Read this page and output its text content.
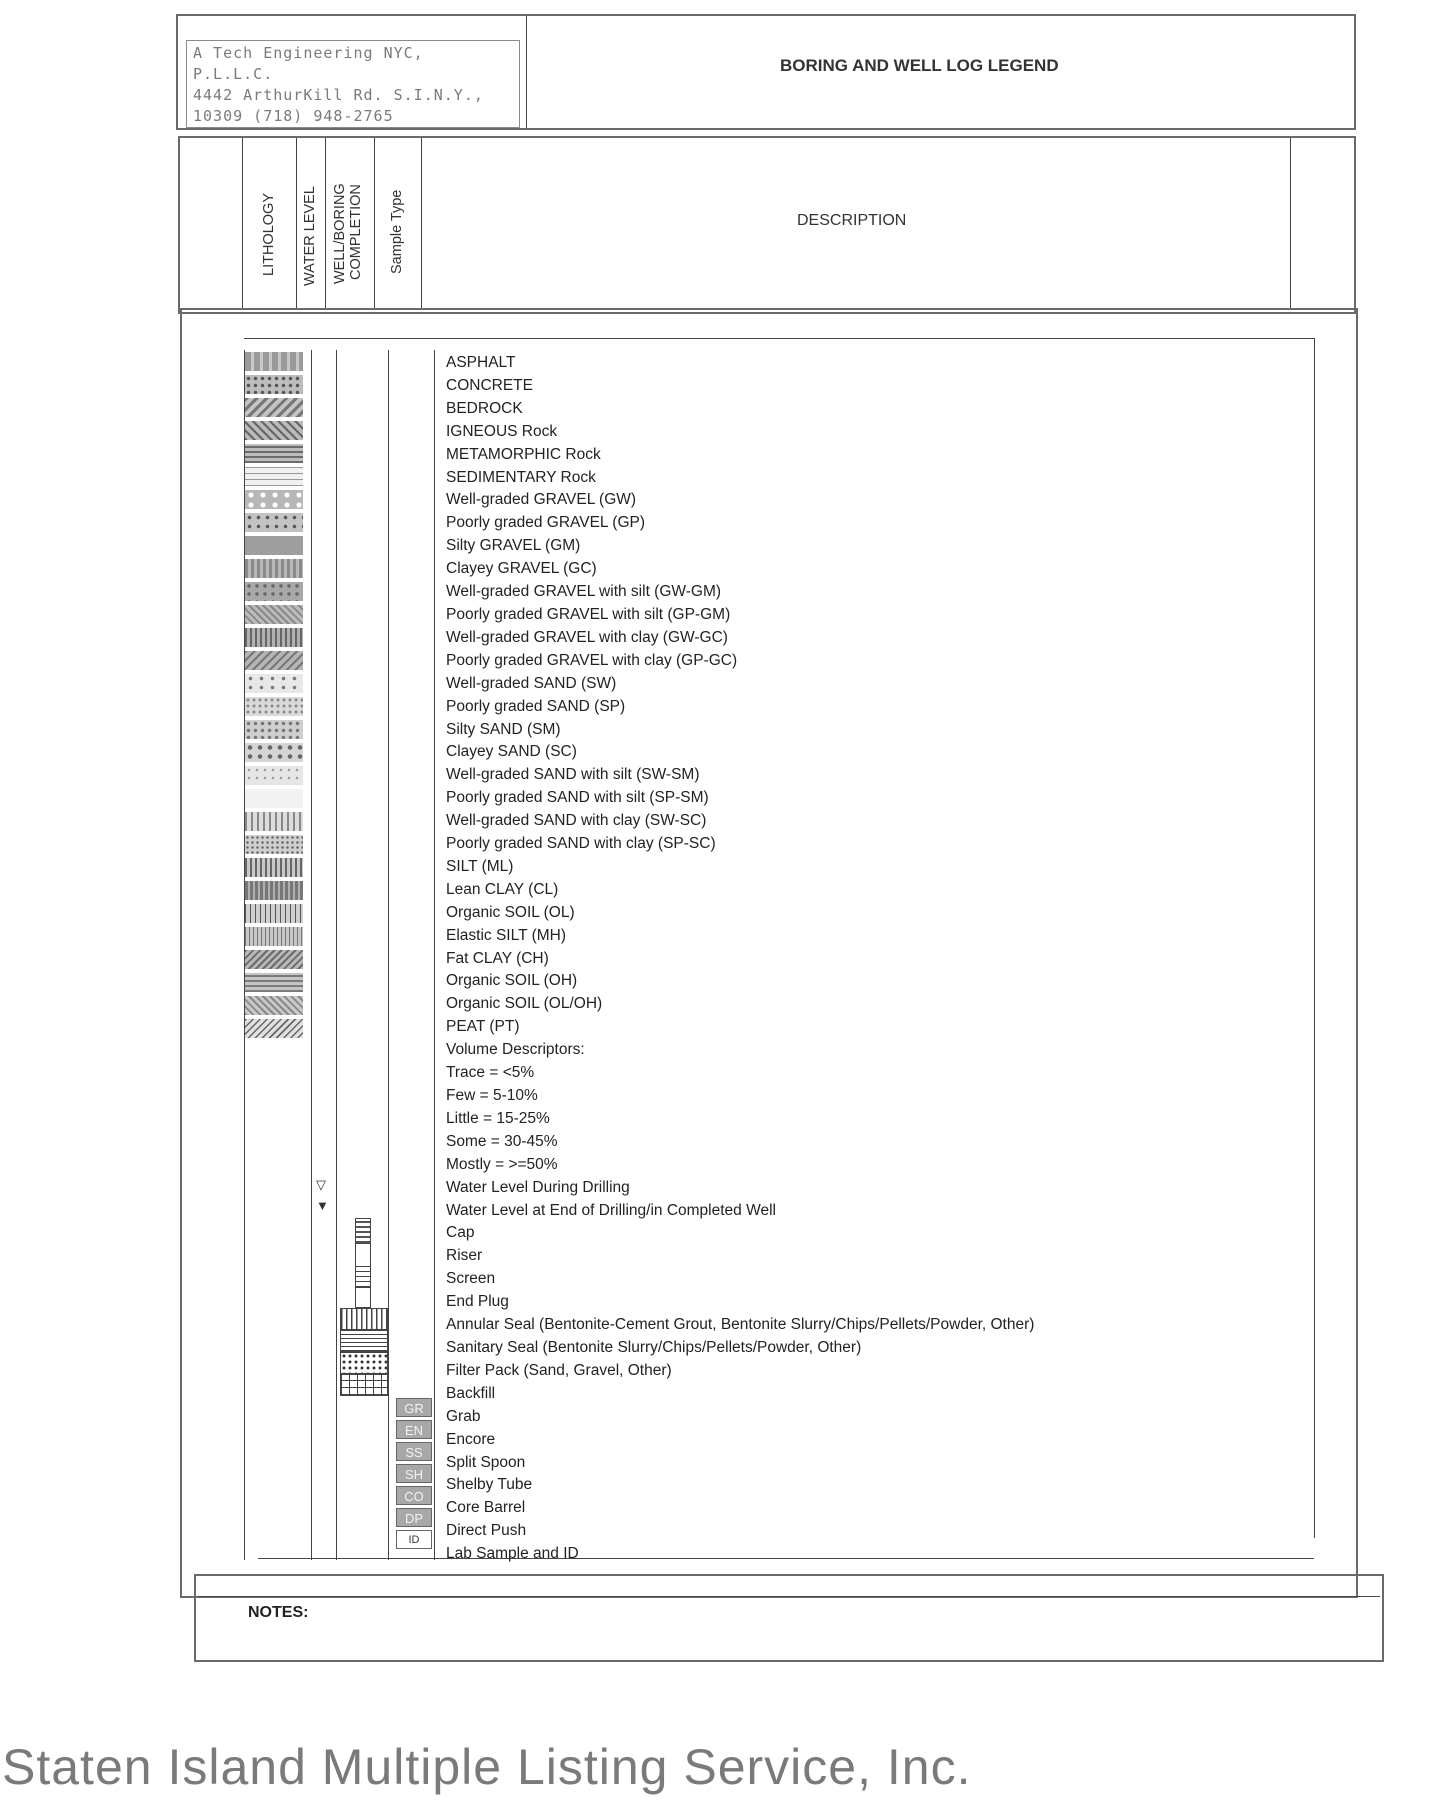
A Tech Engineering NYC, P.L.L.C.
4442 ArthurKill Rd. S.I.N.Y.,
10309 (718) 948-2765
BORING AND WELL LOG LEGEND
LITHOLOGY WATER LEVEL WELL/BORING COMPLETION Sample Type	DESCRIPTION
▽
▼
GR
EN
SS
SH
CO
DP
ID
ASPHALT
CONCRETE
BEDROCK
IGNEOUS Rock
METAMORPHIC Rock
SEDIMENTARY Rock
Well-graded GRAVEL (GW)
Poorly graded GRAVEL (GP)
Silty GRAVEL (GM)
Clayey GRAVEL (GC)
Well-graded GRAVEL with silt (GW-GM)
Poorly graded GRAVEL with silt (GP-GM)
Well-graded GRAVEL with clay (GW-GC)
Poorly graded GRAVEL with clay (GP-GC)
Well-graded SAND (SW)
Poorly graded SAND (SP)
Silty SAND (SM)
Clayey SAND (SC)
Well-graded SAND with silt (SW-SM)
Poorly graded SAND with silt (SP-SM)
Well-graded SAND with clay (SW-SC)
Poorly graded SAND with clay (SP-SC)
SILT (ML)
Lean CLAY (CL)
Organic SOIL (OL)
Elastic SILT (MH)
Fat CLAY (CH)
Organic SOIL (OH)
Organic SOIL (OL/OH)
PEAT (PT)
Volume Descriptors:
Trace = <5%
Few = 5-10%
Little = 15-25%
Some = 30-45%
Mostly = >=50%
Water Level During Drilling
Water Level at End of Drilling/in Completed Well
Cap
Riser
Screen
End Plug
Annular Seal (Bentonite-Cement Grout, Bentonite Slurry/Chips/Pellets/Powder, Other)
Sanitary Seal (Bentonite Slurry/Chips/Pellets/Powder, Other)
Filter Pack (Sand, Gravel, Other)
Backfill
Grab
Encore
Split Spoon
Shelby Tube
Core Barrel
Direct Push
Lab Sample and ID
NOTES:
Staten Island Multiple Listing Service, Inc.
